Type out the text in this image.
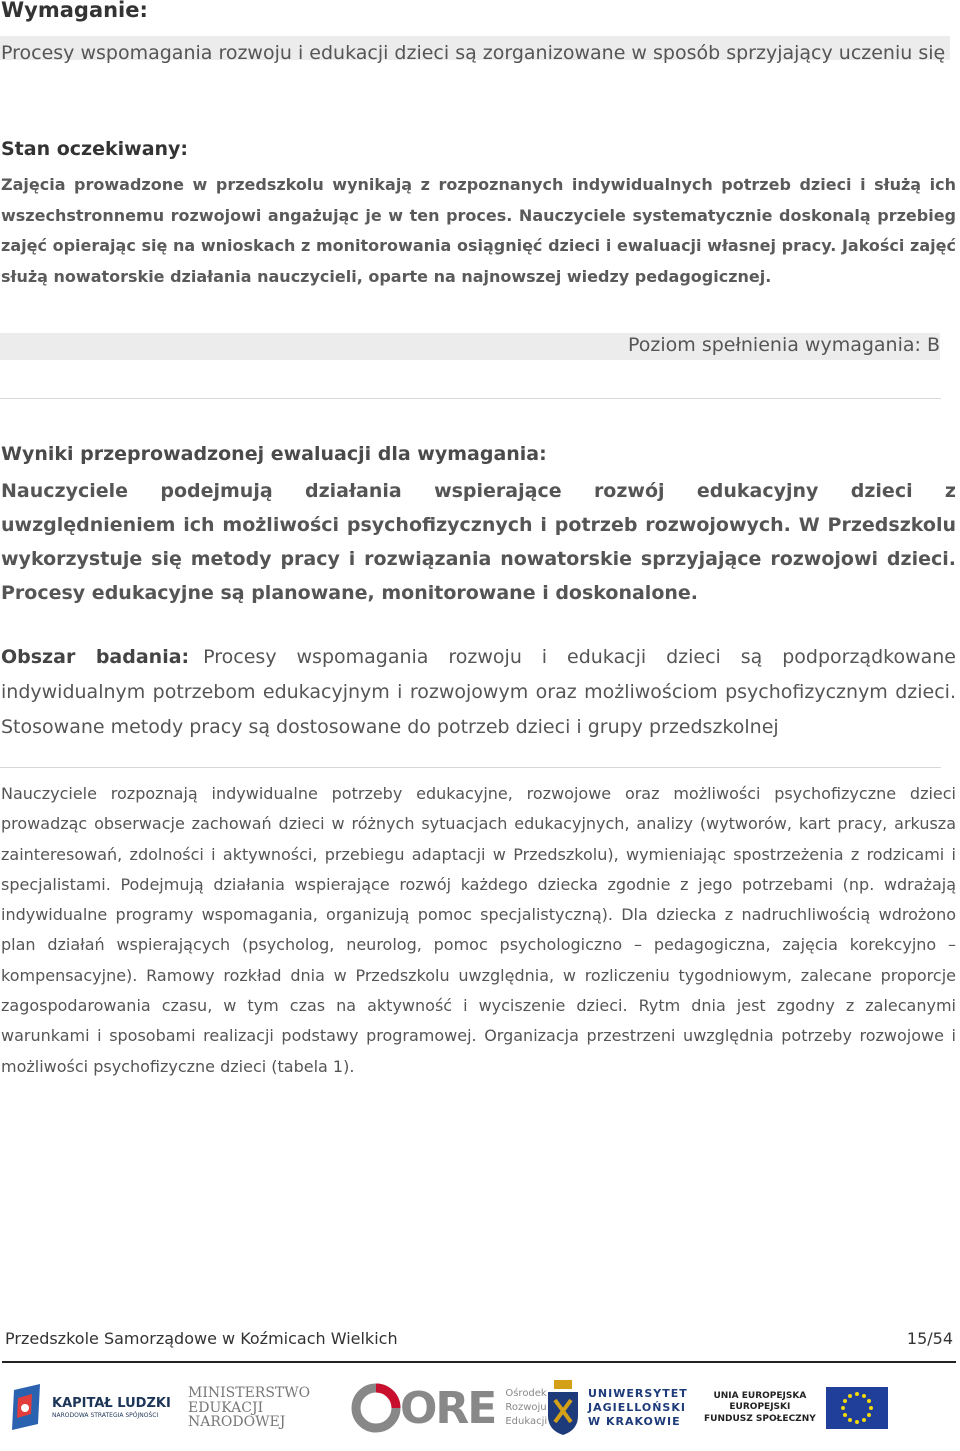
Wymaganie:
Procesy wspomagania rozwoju i edukacji dzieci są zorganizowane w sposób sprzyjający uczeniu się
Stan oczekiwany:
Zajęcia prowadzone w przedszkolu wynikają z rozpoznanych indywidualnych potrzeb dzieci i służą ich wszechstronnemu rozwojowi angażując je w ten proces. Nauczyciele systematycznie doskonalą przebieg zajęć opierając się na wnioskach z monitorowania osiągnięć dzieci i ewaluacji własnej pracy. Jakości zajęć służą nowatorskie działania nauczycieli, oparte na najnowszej wiedzy pedagogicznej.
Poziom spełnienia wymagania: B
Wyniki przeprowadzonej ewaluacji dla wymagania:
Nauczyciele podejmują działania wspierające rozwój edukacyjny dzieci z uwzględnieniem ich możliwości psychofizycznych i potrzeb rozwojowych. W Przedszkolu wykorzystuje się metody pracy i rozwiązania nowatorskie sprzyjające rozwojowi dzieci. Procesy edukacyjne są planowane, monitorowane i doskonalone.
Obszar badania: Procesy wspomagania rozwoju i edukacji dzieci są podporządkowane indywidualnym potrzebom edukacyjnym i rozwojowym oraz możliwościom psychofizycznym dzieci. Stosowane metody pracy są dostosowane do potrzeb dzieci i grupy przedszkolnej
Nauczyciele rozpoznają indywidualne potrzeby edukacyjne, rozwojowe oraz możliwości psychofizyczne dzieci prowadząc obserwacje zachowań dzieci w różnych sytuacjach edukacyjnych, analizy (wytworów, kart pracy, arkusza zainteresowań, zdolności i aktywności, przebiegu adaptacji w Przedszkolu), wymieniając spostrzeżenia z rodzicami i specjalistami. Podejmują działania wspierające rozwój każdego dziecka zgodnie z jego potrzebami (np. wdrażają indywidualne programy wspomagania, organizują pomoc specjalistyczną). Dla dziecka z nadruchliwością wdrożono plan działań wspierających (psycholog, neurolog, pomoc psychologiczno – pedagogiczna, zajęcia korekcyjno – kompensacyjne). Ramowy rozkład dnia w Przedszkolu uwzględnia, w rozliczeniu tygodniowym, zalecane proporcje zagospodarowania czasu, w tym czas na aktywność i wyciszenie dzieci. Rytm dnia jest zgodny z zalecanymi warunkami i sposobami realizacji podstawy programowej. Organizacja przestrzeni uwzględnia potrzeby rozwojowe i możliwości psychofizyczne dzieci (tabela 1).
Przedszkole Samorządowe w Koźmicach Wielkich	15/54
KAPITAŁ LUDZKI
NARODOWA STRATEGIA SPÓJNOŚCI
MINISTERSTWO
EDUKACJI
NARODOWEJ	ORE Ośrodek
Rozwoju
Edukacji
UNIWERSYTET
JAGIELLOŃSKI
W KRAKOWIE
UNIA EUROPEJSKA
EUROPEJSKI
FUNDUSZ SPOŁECZNY
